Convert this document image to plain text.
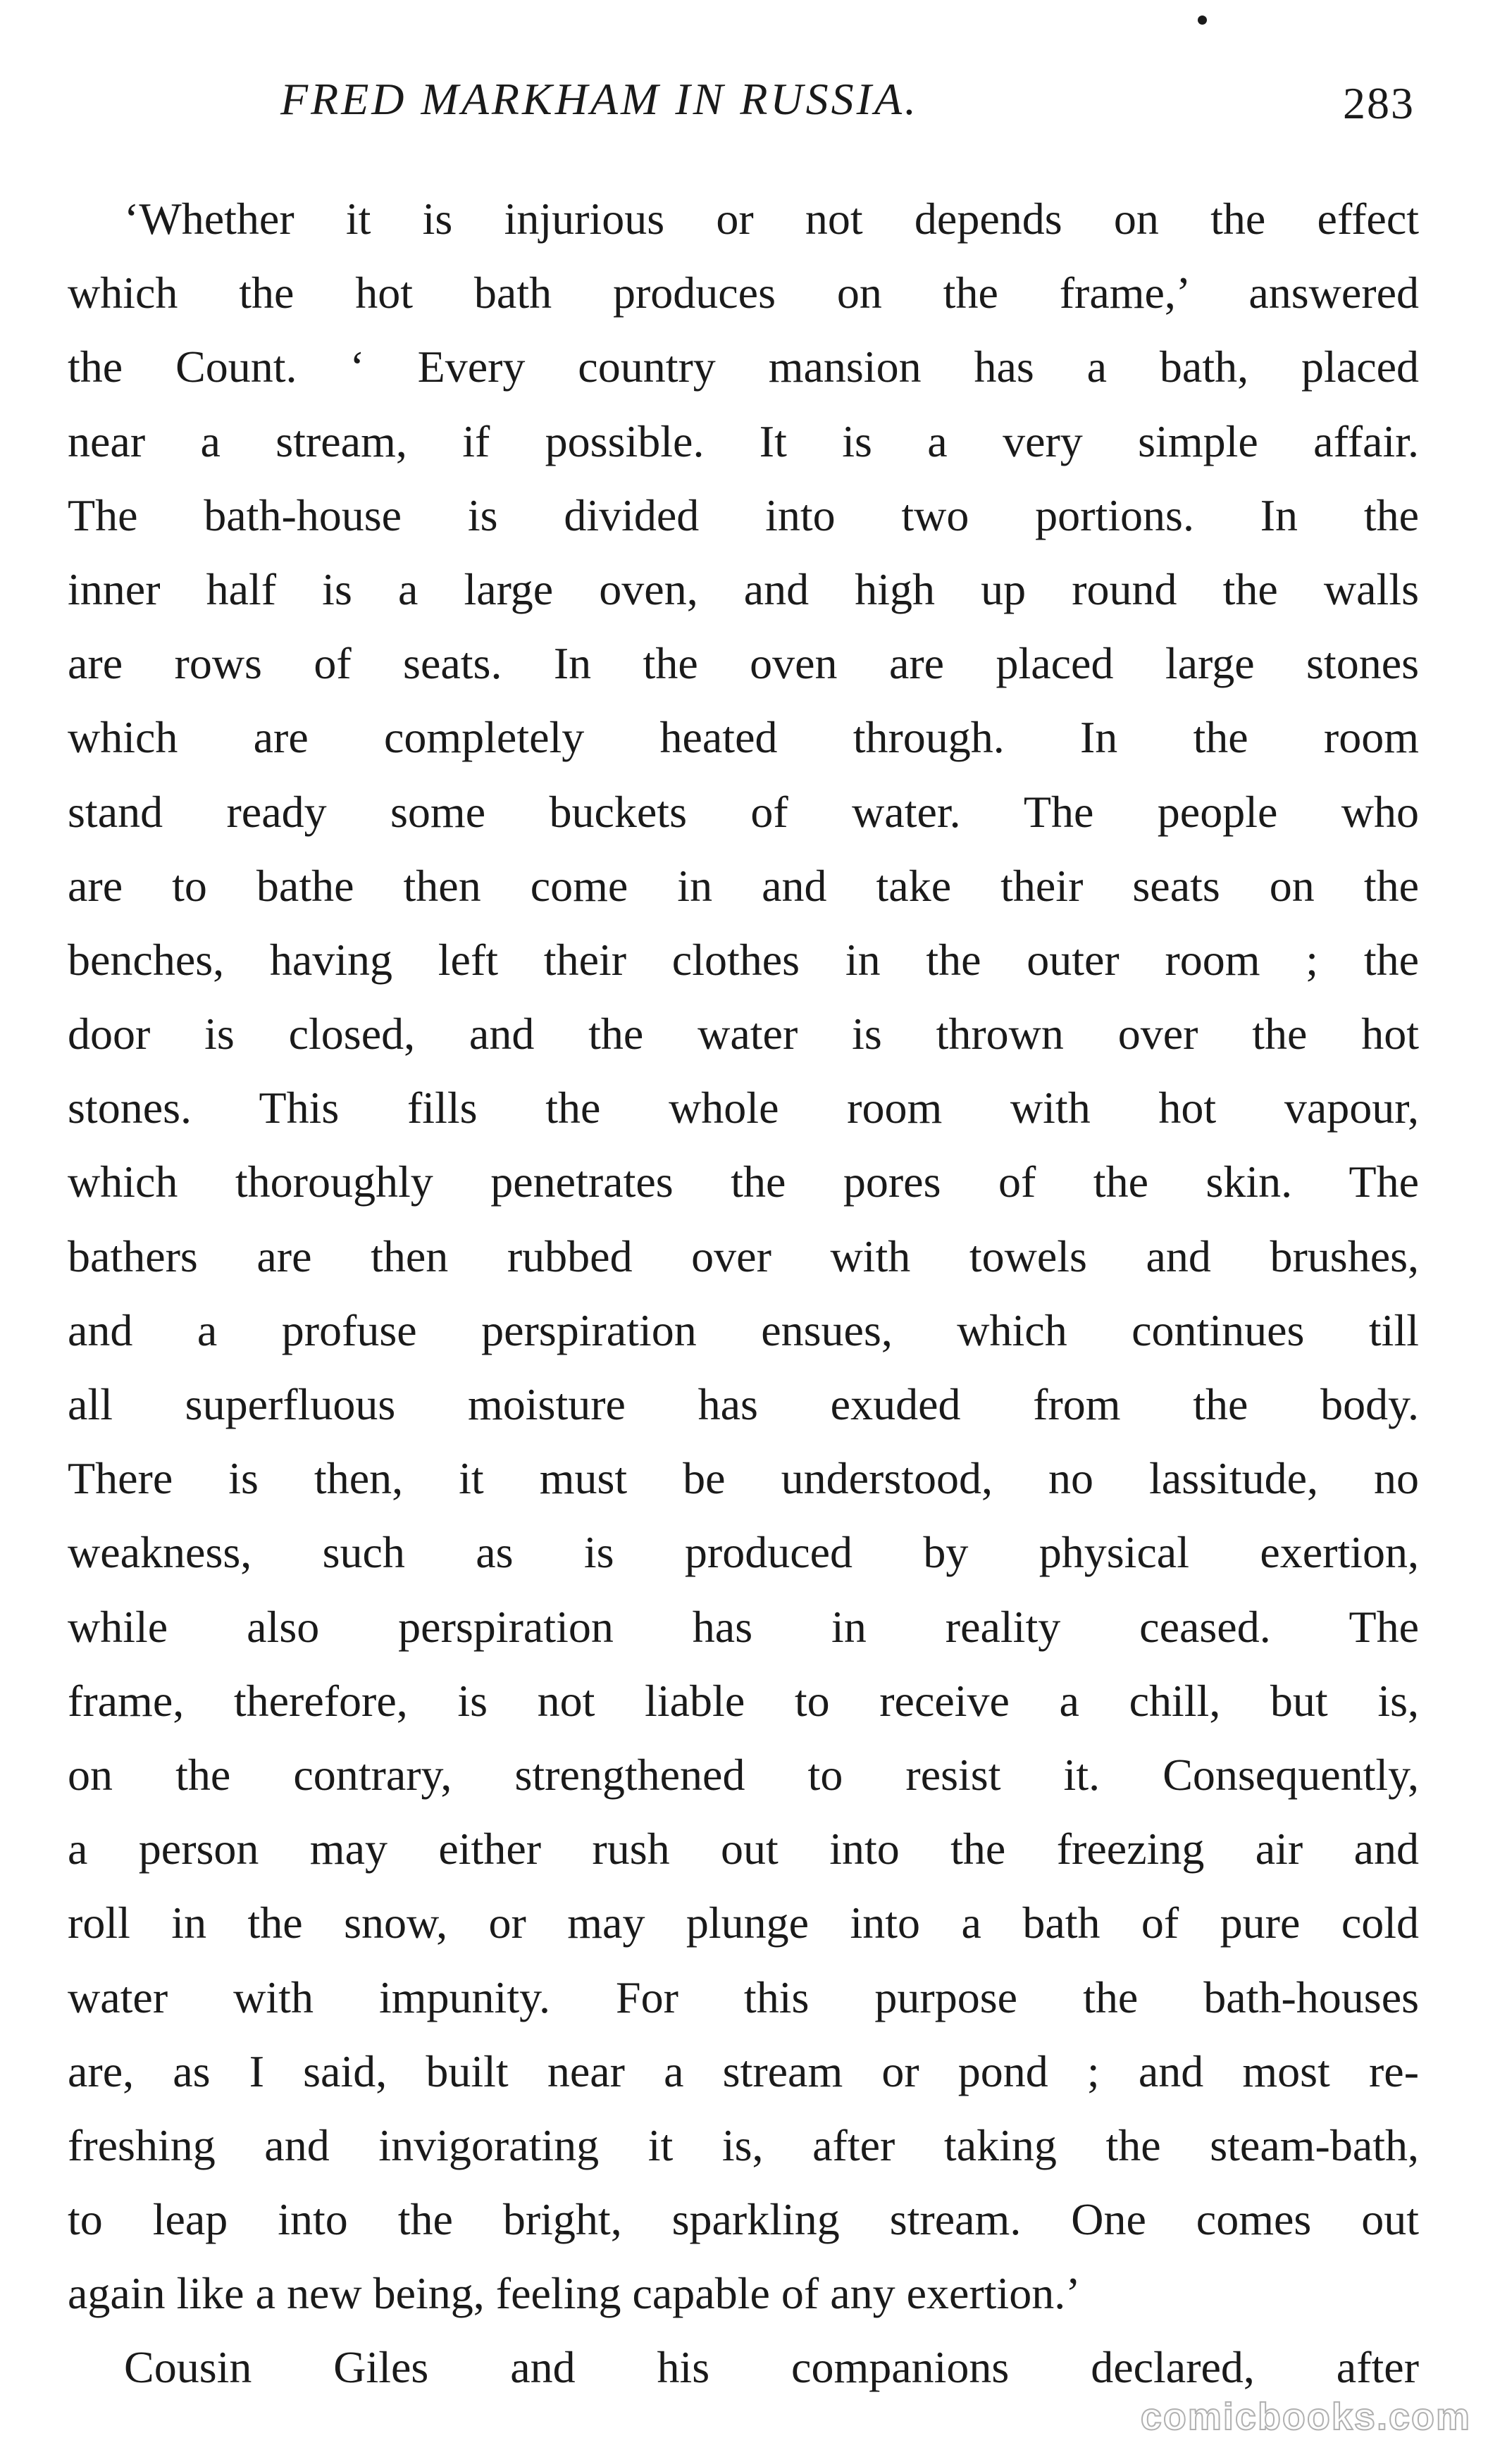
FRED MARKHAM IN RUSSIA.	283
‘Whether it is injurious or not depends on the effect
which the hot bath produces on the frame,’ answered
the Count. ‘ Every country mansion has a bath, placed
near a stream, if possible. It is a very simple affair.
The bath-house is divided into two portions. In the
inner half is a large oven, and high up round the walls
are rows of seats. In the oven are placed large stones
which are completely heated through. In the room
stand ready some buckets of water. The people who
are to bathe then come in and take their seats on the
benches, having left their clothes in the outer room ; the
door is closed, and the water is thrown over the hot
stones. This fills the whole room with hot vapour,
which thoroughly penetrates the pores of the skin. The
bathers are then rubbed over with towels and brushes,
and a profuse perspiration ensues, which continues till
all superfluous moisture has exuded from the body.
There is then, it must be understood, no lassitude, no
weakness, such as is produced by physical exertion,
while also perspiration has in reality ceased. The
frame, therefore, is not liable to receive a chill, but is,
on the contrary, strengthened to resist it. Consequently,
a person may either rush out into the freezing air and
roll in the snow, or may plunge into a bath of pure cold
water with impunity. For this purpose the bath-houses
are, as I said, built near a stream or pond ; and most re-
freshing and invigorating it is, after taking the steam-bath,
to leap into the bright, sparkling stream. One comes out
again like a new being, feeling capable of any exertion.’
Cousin Giles and his companions declared, after
comicbooks.com
